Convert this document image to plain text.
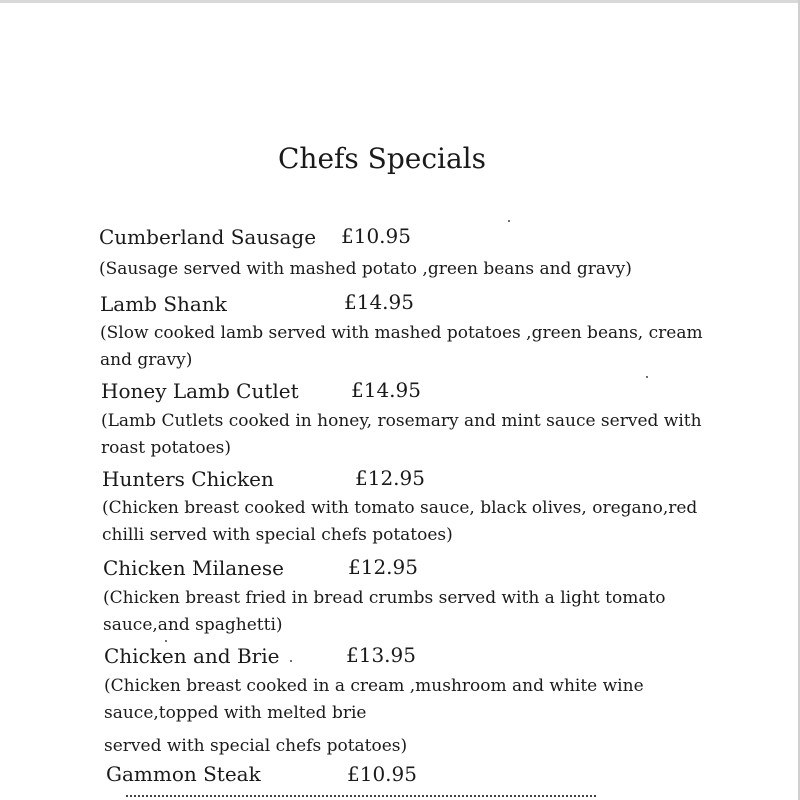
Chefs Specials
Cumberland Sausage £10.95
(Sausage served with mashed potato ,green beans and gravy)
Lamb Shank	£14.95
(Slow cooked lamb served with mashed potatoes ,green beans, cream
and gravy)
Honey Lamb Cutlet	£14.95
(Lamb Cutlets cooked in honey, rosemary and mint sauce served with
roast potatoes)
Hunters Chicken	£12.95
(Chicken breast cooked with tomato sauce, black olives, oregano,red
chilli served with special chefs potatoes)
Chicken Milanese	£12.95
(Chicken breast fried in bread crumbs served with a light tomato
sauce,and spaghetti)
Chicken and Brie	£13.95
(Chicken breast cooked in a cream ,mushroom and white wine
sauce,topped with melted brie
served with special chefs potatoes)
Gammon Steak	£10.95
